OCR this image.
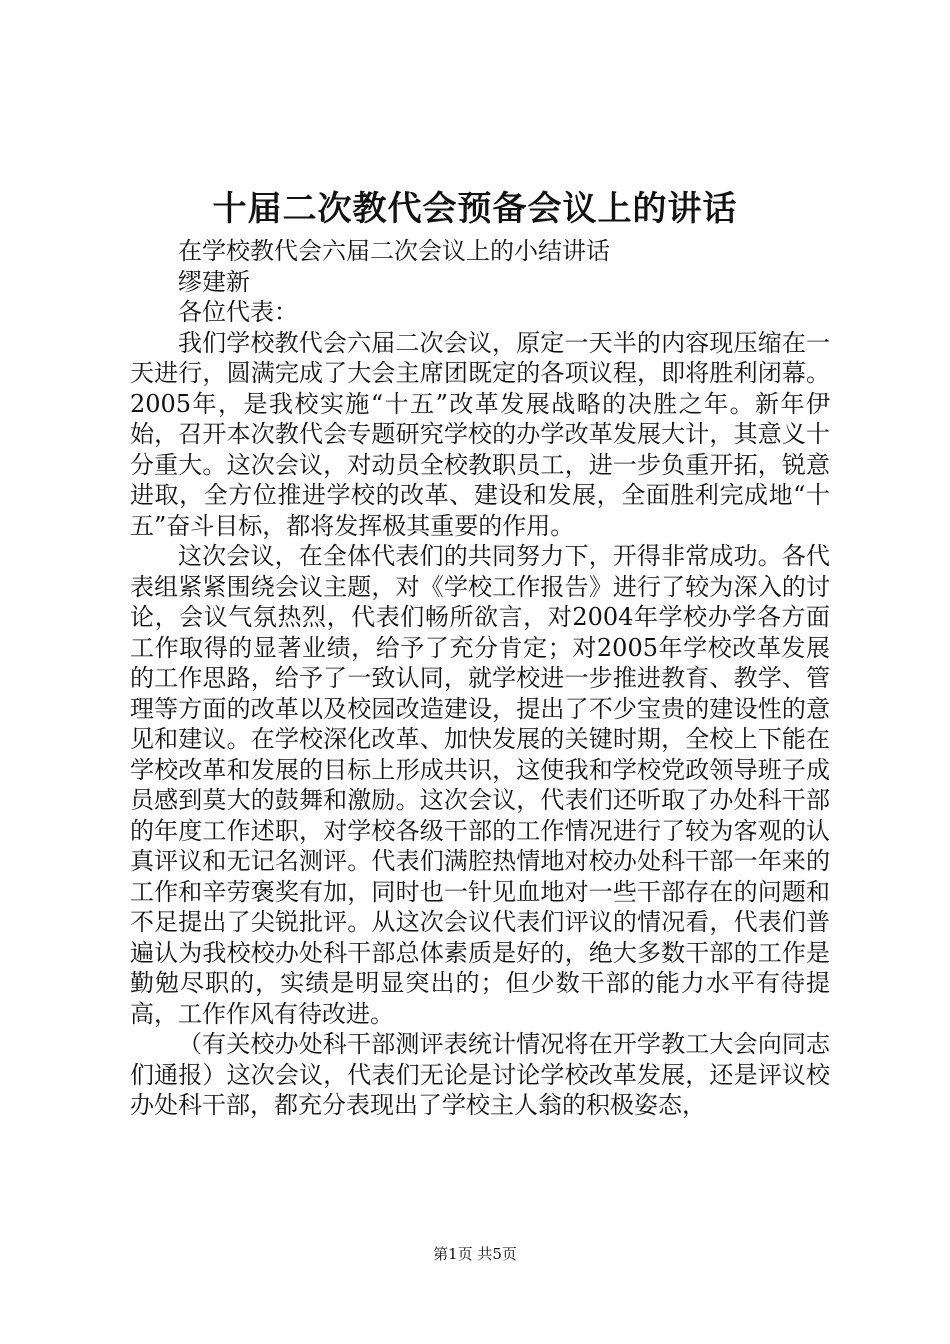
十届二次教代会预备会议上的讲话

在学校教代会六届二次会议上的小结讲话

缪建新

各位代表：

我们学校教代会六届二次会议，原定一天半的内容现压缩在一天进行，圆满完成了大会主席团既定的各项议程，即将胜利闭幕。2005年，是我校实施“十五”改革发展战略的决胜之年。新年伊始，召开本次教代会专题研究学校的办学改革发展大计，其意义十分重大。这次会议，对动员全校教职员工，进一步负重开拓，锐意进取，全方位推进学校的改革、建设和发展，全面胜利完成地“十五”奋斗目标，都将发挥极其重要的作用。

这次会议，在全体代表们的共同努力下，开得非常成功。各代表组紧紧围绕会议主题，对《学校工作报告》进行了较为深入的讨论，会议气氛热烈，代表们畅所欲言，对2004年学校办学各方面工作取得的显著业绩，给予了充分肯定；对2005年学校改革发展的工作思路，给予了一致认同，就学校进一步推进教育、教学、管理等方面的改革以及校园改造建设，提出了不少宝贵的建设性的意见和建议。在学校深化改革、加快发展的关键时期，全校上下能在学校改革和发展的目标上形成共识，这使我和学校党政领导班子成员感到莫大的鼓舞和激励。这次会议，代表们还听取了办处科干部的年度工作述职，对学校各级干部的工作情况进行了较为客观的认真评议和无记名测评。代表们满腔热情地对校办处科干部一年来的工作和辛劳褒奖有加，同时也一针见血地对一些干部存在的问题和不足提出了尖锐批评。从这次会议代表们评议的情况看，代表们普遍认为我校校办处科干部总体素质是好的，绝大多数干部的工作是勤勉尽职的，实绩是明显突出的；但少数干部的能力水平有待提高，工作作风有待改进。

（有关校办处科干部测评表统计情况将在开学教工大会向同志们通报）这次会议，代表们无论是讨论学校改革发展，还是评议校办处科干部，都充分表现出了学校主人翁的积极姿态，

第1页 共5页
